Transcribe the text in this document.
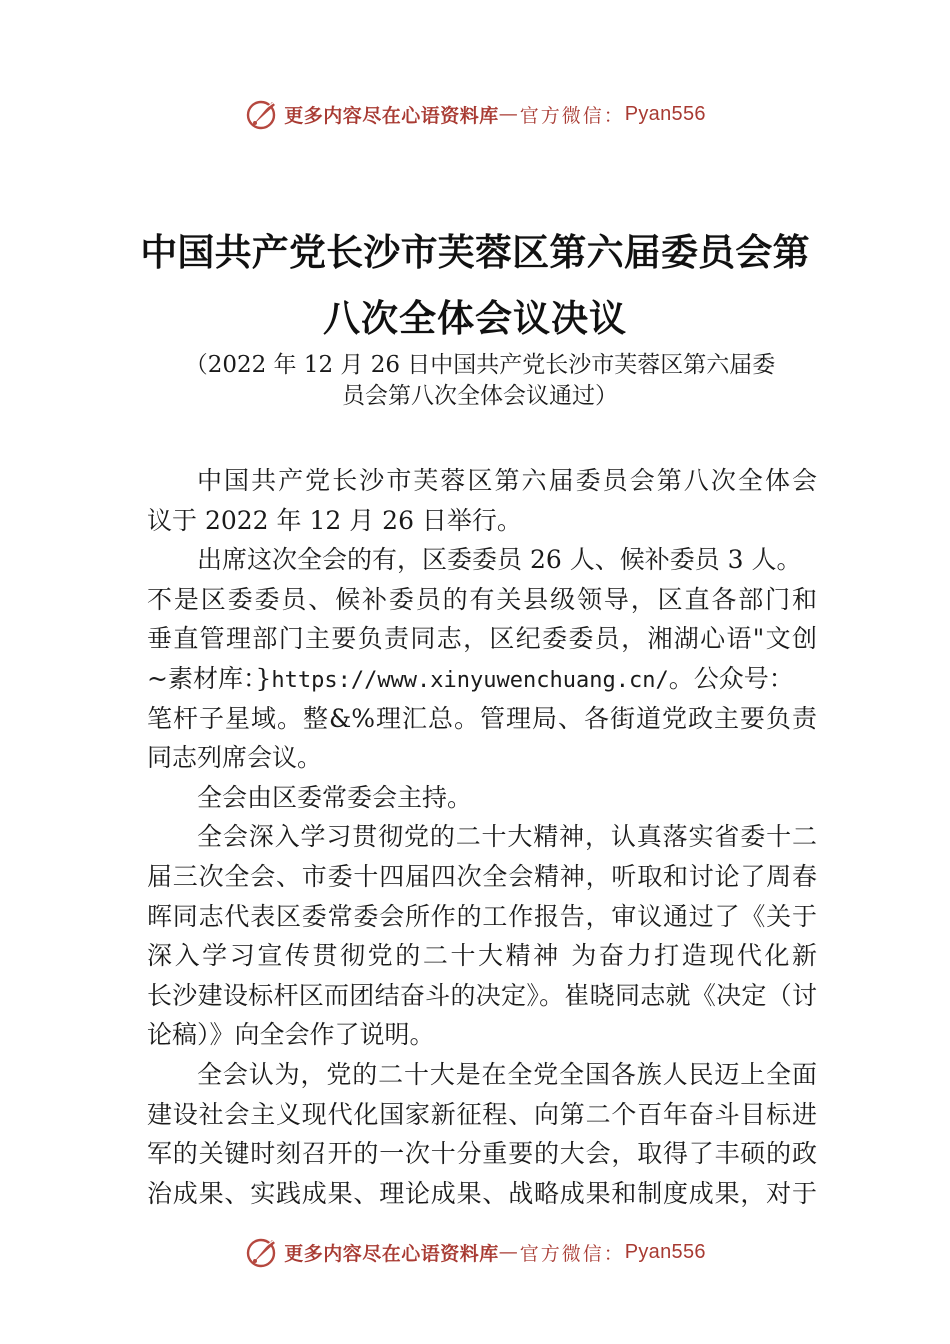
更多内容尽在心语资料库 — 官方微信： Pyan556
中国共产党长沙市芙蓉区第六届委员会第
八次全体会议决议
（2022 年 12 月 26 日中国共产党长沙市芙蓉区第六届委
员会第八次全体会议通过）
中国共产党长沙市芙蓉区第六届委员会第八次全体会
议于 2022 年 12 月 26 日举行。
出席这次全会的有，区委委员 26 人、候补委员 3 人。
不是区委委员、候补委员的有关县级领导，区直各部门和
垂直管理部门主要负责同志，区纪委委员，湘湖心语"文创
~素材库：}https://www.xinyuwenchuang.cn/。公众号：
笔杆子星域。整&%理汇总。管理局、各街道党政主要负责
同志列席会议。
全会由区委常委会主持。
全会深入学习贯彻党的二十大精神，认真落实省委十二
届三次全会、市委十四届四次全会精神，听取和讨论了周春
晖同志代表区委常委会所作的工作报告，审议通过了《关于
深入学习宣传贯彻党的二十大精神 为奋力打造现代化新
长沙建设标杆区而团结奋斗的决定》。崔晓同志就《决定（讨
论稿）》向全会作了说明。
全会认为，党的二十大是在全党全国各族人民迈上全面
建设社会主义现代化国家新征程、向第二个百年奋斗目标进
军的关键时刻召开的一次十分重要的大会，取得了丰硕的政
治成果、实践成果、理论成果、战略成果和制度成果，对于
更多内容尽在心语资料库 — 官方微信： Pyan556
